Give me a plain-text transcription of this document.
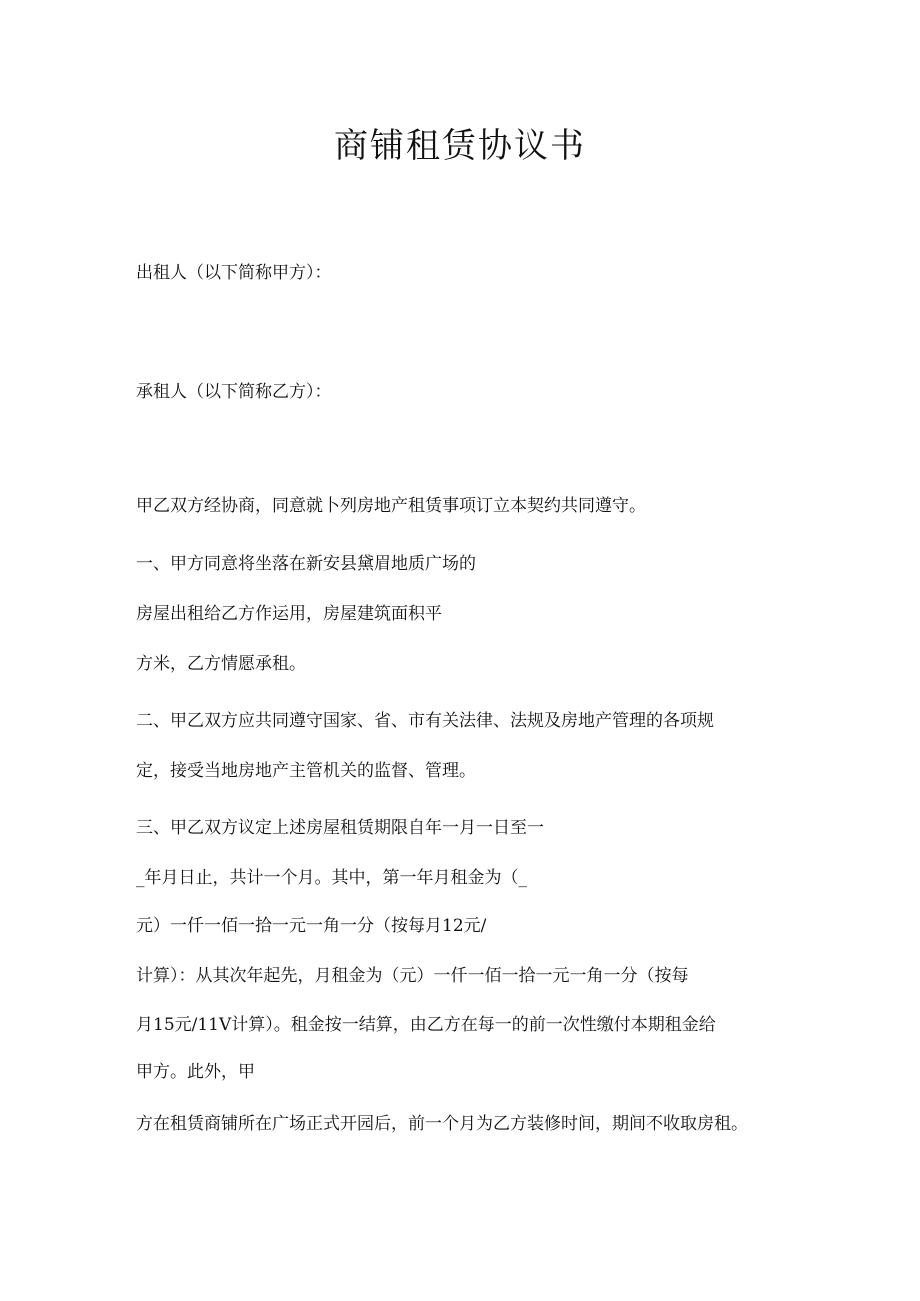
商铺租赁协议书
出租人（以下简称甲方）：
承租人（以下简称乙方）：
甲乙双方经协商，同意就卜列房地产租赁事项订立本契约共同遵守。
一、甲方同意将坐落在新安县黛眉地质广场的
房屋出租给乙方作运用，房屋建筑面积平
方米，乙方情愿承租。
二、甲乙双方应共同遵守国家、省、市有关法律、法规及房地产管理的各项规
定，接受当地房地产主管机关的监督、管理。
三、甲乙双方议定上述房屋租赁期限自年一月一日至一
_年月日止，共计一个月。其中，第一年月租金为（_
元）一仟一佰一拾一元一角一分（按每月12元/
计算）：从其次年起先，月租金为（元）一仟一佰一拾一元一角一分（按每
月15元/11V计算）。租金按一结算，由乙方在每一的前一次性缴付本期租金给
甲方。此外，甲
方在租赁商铺所在广场正式开园后，前一个月为乙方装修时间，期间不收取房租。
